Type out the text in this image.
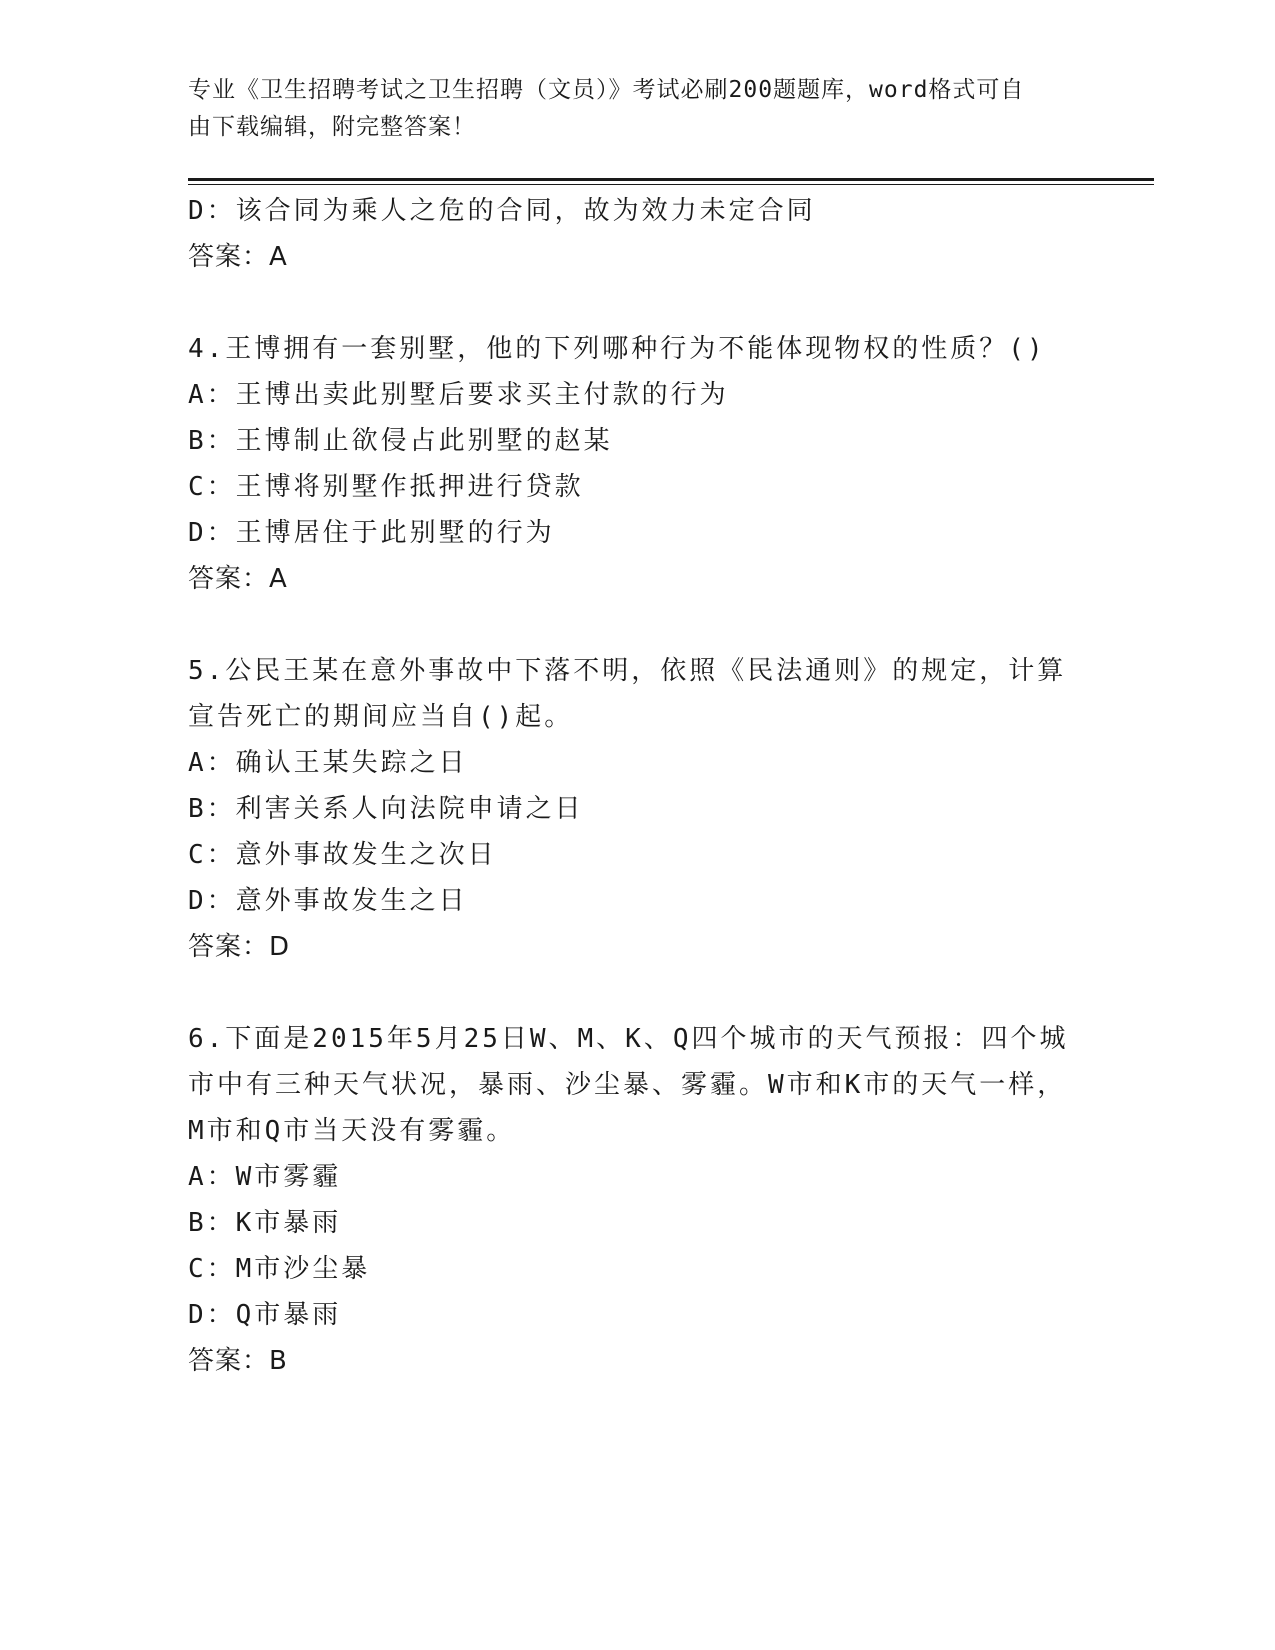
专业《卫生招聘考试之卫生招聘（文员）》考试必刷200题题库，word格式可自
由下载编辑，附完整答案！
D：该合同为乘人之危的合同，故为效力未定合同
答案：A
4.王博拥有一套别墅，他的下列哪种行为不能体现物权的性质？()
A：王博出卖此别墅后要求买主付款的行为
B：王博制止欲侵占此别墅的赵某
C：王博将别墅作抵押进行贷款
D：王博居住于此别墅的行为
答案：A
5.公民王某在意外事故中下落不明，依照《民法通则》的规定，计算
宣告死亡的期间应当自()起。
A：确认王某失踪之日
B：利害关系人向法院申请之日
C：意外事故发生之次日
D：意外事故发生之日
答案：D
6.下面是2015年5月25日W、M、K、Q四个城市的天气预报：四个城
市中有三种天气状况，暴雨、沙尘暴、雾霾。W市和K市的天气一样，
M市和Q市当天没有雾霾。
A：W市雾霾
B：K市暴雨
C：M市沙尘暴
D：Q市暴雨
答案：B
